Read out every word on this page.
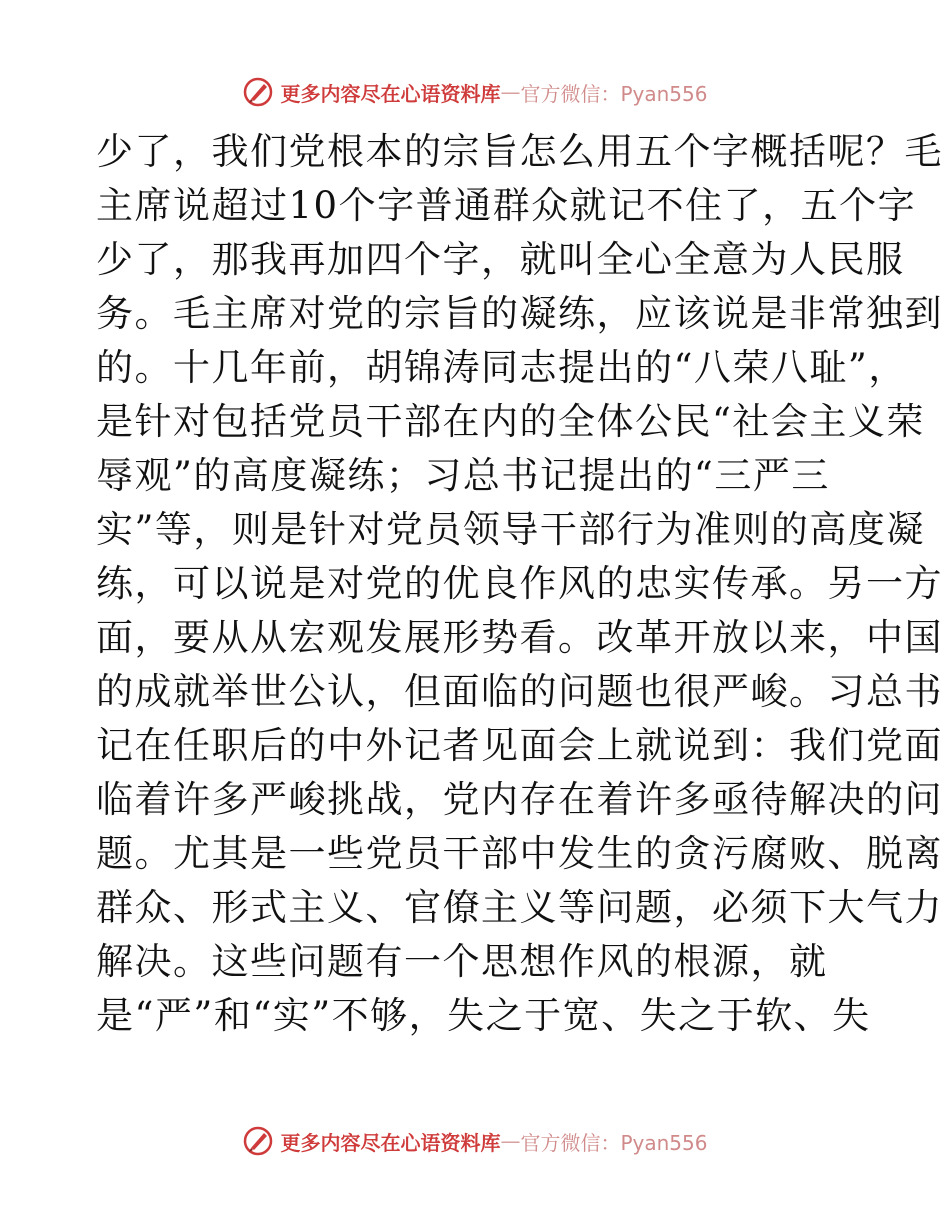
更多内容尽在心语资料库 — 官方微信：Pyan556
少了，我们党根本的宗旨怎么用五个字概括呢？毛
主席说超过10个字普通群众就记不住了，五个字
少了，那我再加四个字，就叫全心全意为人民服
务。毛主席对党的宗旨的凝练，应该说是非常独到
的。十几年前，胡锦涛同志提出的“八荣八耻”，
是针对包括党员干部在内的全体公民“社会主义荣
辱观”的高度凝练；习总书记提出的“三严三
实”等，则是针对党员领导干部行为准则的高度凝
练，可以说是对党的优良作风的忠实传承。另一方
面，要从从宏观发展形势看。改革开放以来，中国
的成就举世公认，但面临的问题也很严峻。习总书
记在任职后的中外记者见面会上就说到：我们党面
临着许多严峻挑战，党内存在着许多亟待解决的问
题。尤其是一些党员干部中发生的贪污腐败、脱离
群众、形式主义、官僚主义等问题，必须下大气力
解决。这些问题有一个思想作风的根源，就
是“严”和“实”不够，失之于宽、失之于软、失
更多内容尽在心语资料库 — 官方微信：Pyan556
